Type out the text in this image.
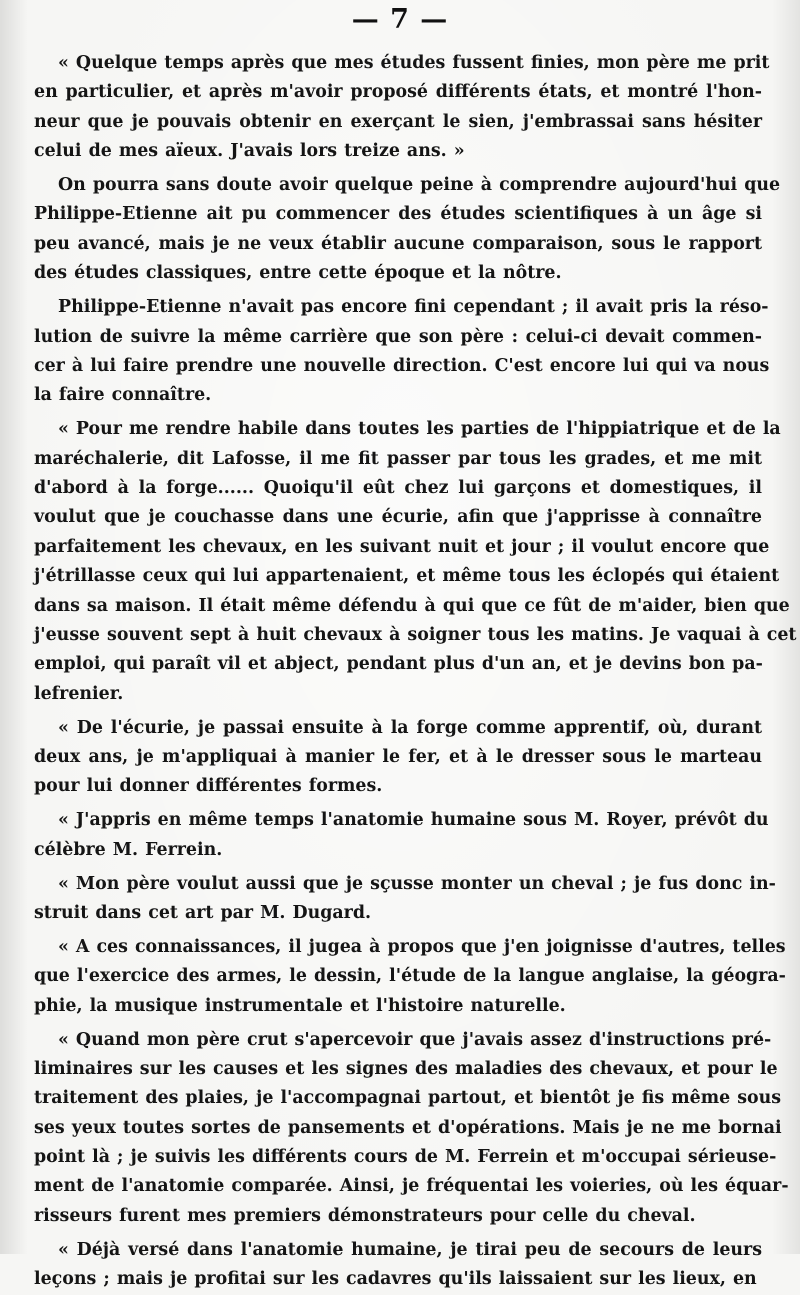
— 7 —
« Quelque temps après que mes études fussent finies, mon père me prit
en particulier, et après m'avoir proposé différents états, et montré l'hon-
neur que je pouvais obtenir en exerçant le sien, j'embrassai sans hésiter
celui de mes aïeux. J'avais lors treize ans. »
On pourra sans doute avoir quelque peine à comprendre aujourd'hui que
Philippe-Etienne ait pu commencer des études scientifiques à un âge si
peu avancé, mais je ne veux établir aucune comparaison, sous le rapport
des études classiques, entre cette époque et la nôtre.
Philippe-Etienne n'avait pas encore fini cependant ; il avait pris la réso-
lution de suivre la même carrière que son père : celui-ci devait commen-
cer à lui faire prendre une nouvelle direction. C'est encore lui qui va nous
la faire connaître.
« Pour me rendre habile dans toutes les parties de l'hippiatrique et de la
maréchalerie, dit Lafosse, il me fit passer par tous les grades, et me mit
d'abord à la forge...... Quoiqu'il eût chez lui garçons et domestiques, il
voulut que je couchasse dans une écurie, afin que j'apprisse à connaître
parfaitement les chevaux, en les suivant nuit et jour ; il voulut encore que
j'étrillasse ceux qui lui appartenaient, et même tous les éclopés qui étaient
dans sa maison. Il était même défendu à qui que ce fût de m'aider, bien que
j'eusse souvent sept à huit chevaux à soigner tous les matins. Je vaquai à cet
emploi, qui paraît vil et abject, pendant plus d'un an, et je devins bon pa-
lefrenier.
« De l'écurie, je passai ensuite à la forge comme apprentif, où, durant
deux ans, je m'appliquai à manier le fer, et à le dresser sous le marteau
pour lui donner différentes formes.
« J'appris en même temps l'anatomie humaine sous M. Royer, prévôt du
célèbre M. Ferrein.
« Mon père voulut aussi que je sçusse monter un cheval ; je fus donc in-
struit dans cet art par M. Dugard.
« A ces connaissances, il jugea à propos que j'en joignisse d'autres, telles
que l'exercice des armes, le dessin, l'étude de la langue anglaise, la géogra-
phie, la musique instrumentale et l'histoire naturelle.
« Quand mon père crut s'apercevoir que j'avais assez d'instructions pré-
liminaires sur les causes et les signes des maladies des chevaux, et pour le
traitement des plaies, je l'accompagnai partout, et bientôt je fis même sous
ses yeux toutes sortes de pansements et d'opérations. Mais je ne me bornai
point là ; je suivis les différents cours de M. Ferrein et m'occupai sérieuse-
ment de l'anatomie comparée. Ainsi, je fréquentai les voieries, où les équar-
risseurs furent mes premiers démonstrateurs pour celle du cheval.
« Déjà versé dans l'anatomie humaine, je tirai peu de secours de leurs
leçons ; mais je profitai sur les cadavres qu'ils laissaient sur les lieux, en
